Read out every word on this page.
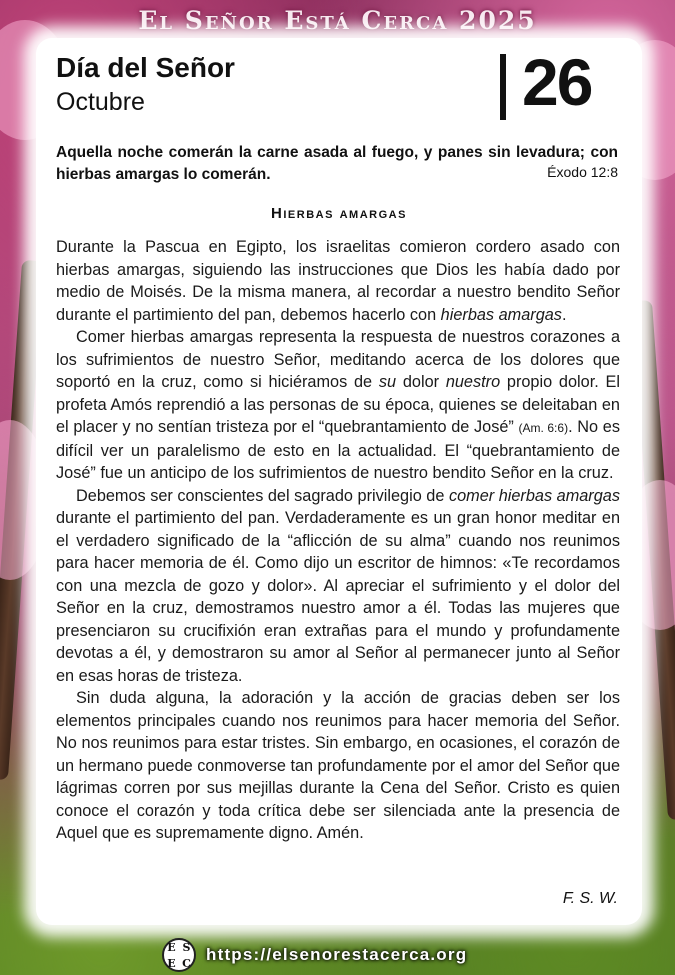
El Señor Está Cerca 2025
Día del Señor
Octubre	26
Aquella noche comerán la carne asada al fuego, y panes sin levadura; con hierbas amargas lo comerán.	Éxodo 12:8
Hierbas amargas

Durante la Pascua en Egipto, los israelitas comieron cordero asado con hierbas amargas, siguiendo las instrucciones que Dios les había dado por medio de Moisés. De la misma manera, al recordar a nuestro bendito Señor durante el partimiento del pan, debemos hacerlo con hierbas amargas.

Comer hierbas amargas representa la respuesta de nuestros corazones a los sufrimientos de nuestro Señor, meditando acerca de los dolores que soportó en la cruz, como si hiciéramos de su dolor nuestro propio dolor. El profeta Amós reprendió a las personas de su época, quienes se deleitaban en el placer y no sentían tristeza por el “quebrantamiento de José” (Am. 6:6). No es difícil ver un paralelismo de esto en la actualidad. El “quebrantamiento de José” fue un anticipo de los sufrimientos de nuestro bendito Señor en la cruz.

Debemos ser conscientes del sagrado privilegio de comer hierbas amargas durante el partimiento del pan. Verdaderamente es un gran honor meditar en el verdadero significado de la “aflicción de su alma” cuando nos reunimos para hacer memoria de él. Como dijo un escritor de himnos: «Te recordamos con una mezcla de gozo y dolor». Al apreciar el sufrimiento y el dolor del Señor en la cruz, demostramos nuestro amor a él. Todas las mujeres que presenciaron su crucifixión eran extrañas para el mundo y profundamente devotas a él, y demostraron su amor al Señor al permanecer junto al Señor en esas horas de tristeza.

Sin duda alguna, la adoración y la acción de gracias deben ser los elementos principales cuando nos reunimos para hacer memoria del Señor. No nos reunimos para estar tristes. Sin embargo, en ocasiones, el corazón de un hermano puede conmoverse tan profundamente por el amor del Señor que lágrimas corren por sus mejillas durante la Cena del Señor. Cristo es quien conoce el corazón y toda crítica debe ser silenciada ante la presencia de Aquel que es supremamente digno. Amén.

F. S. W.
E S
E C https://elsenorestacerca.org
